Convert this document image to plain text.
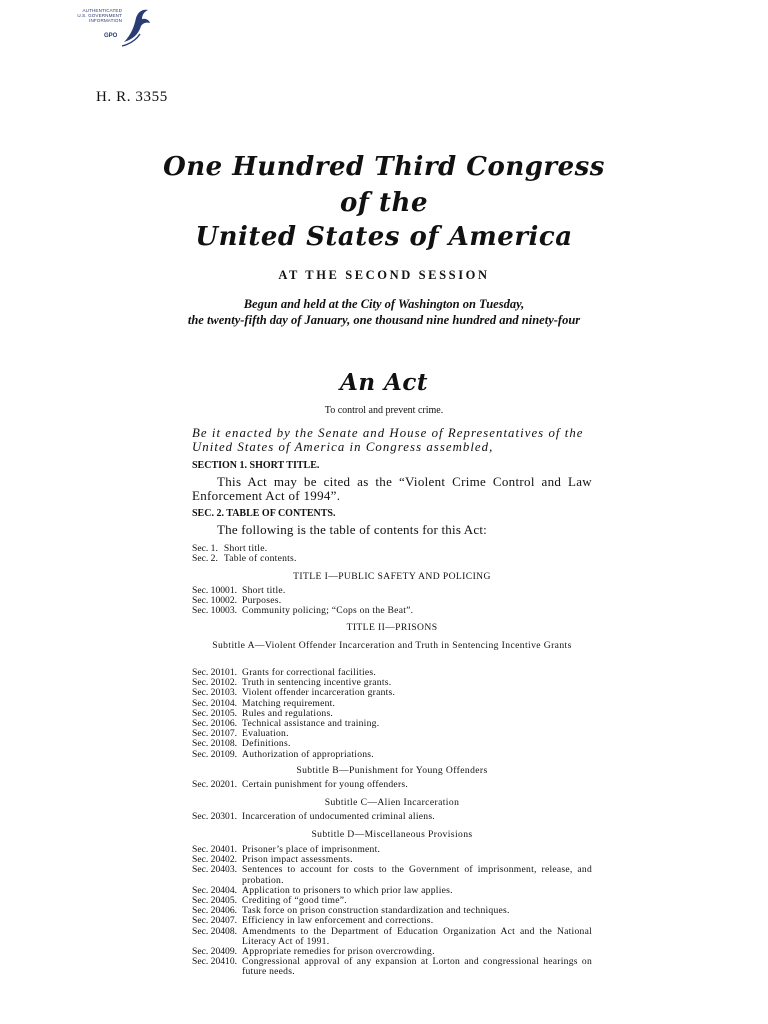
AUTHENTICATED
U.S. GOVERNMENT
INFORMATION
GPO
H. R. 3355
One Hundred Third Congress
of the
United States of America
AT THE SECOND SESSION
Begun and held at the City of Washington on Tuesday,
the twenty-fifth day of January, one thousand nine hundred and ninety-four
An Act
To control and prevent crime.
Be it enacted by the Senate and House of Representatives of the United States of America in Congress assembled,
SECTION 1. SHORT TITLE.
This Act may be cited as the “Violent Crime Control and Law Enforcement Act of 1994”.
SEC. 2. TABLE OF CONTENTS.
The following is the table of contents for this Act:
Sec. 1. Short title.
Sec. 2. Table of contents.
TITLE I—PUBLIC SAFETY AND POLICING
Sec. 10001. Short title.
Sec. 10002. Purposes.
Sec. 10003. Community policing; “Cops on the Beat”.
TITLE II—PRISONS
Subtitle A—Violent Offender Incarceration and Truth in Sentencing Incentive Grants
Sec. 20101. Grants for correctional facilities.
Sec. 20102. Truth in sentencing incentive grants.
Sec. 20103. Violent offender incarceration grants.
Sec. 20104. Matching requirement.
Sec. 20105. Rules and regulations.
Sec. 20106. Technical assistance and training.
Sec. 20107. Evaluation.
Sec. 20108. Definitions.
Sec. 20109. Authorization of appropriations.
Subtitle B—Punishment for Young Offenders
Sec. 20201. Certain punishment for young offenders.
Subtitle C—Alien Incarceration
Sec. 20301. Incarceration of undocumented criminal aliens.
Subtitle D—Miscellaneous Provisions
Sec. 20401. Prisoner’s place of imprisonment.
Sec. 20402. Prison impact assessments.
Sec. 20403. Sentences to account for costs to the Government of imprisonment, release, and probation.
Sec. 20404. Application to prisoners to which prior law applies.
Sec. 20405. Crediting of “good time”.
Sec. 20406. Task force on prison construction standardization and techniques.
Sec. 20407. Efficiency in law enforcement and corrections.
Sec. 20408. Amendments to the Department of Education Organization Act and the National Literacy Act of 1991.
Sec. 20409. Appropriate remedies for prison overcrowding.
Sec. 20410. Congressional approval of any expansion at Lorton and congressional hearings on future needs.
